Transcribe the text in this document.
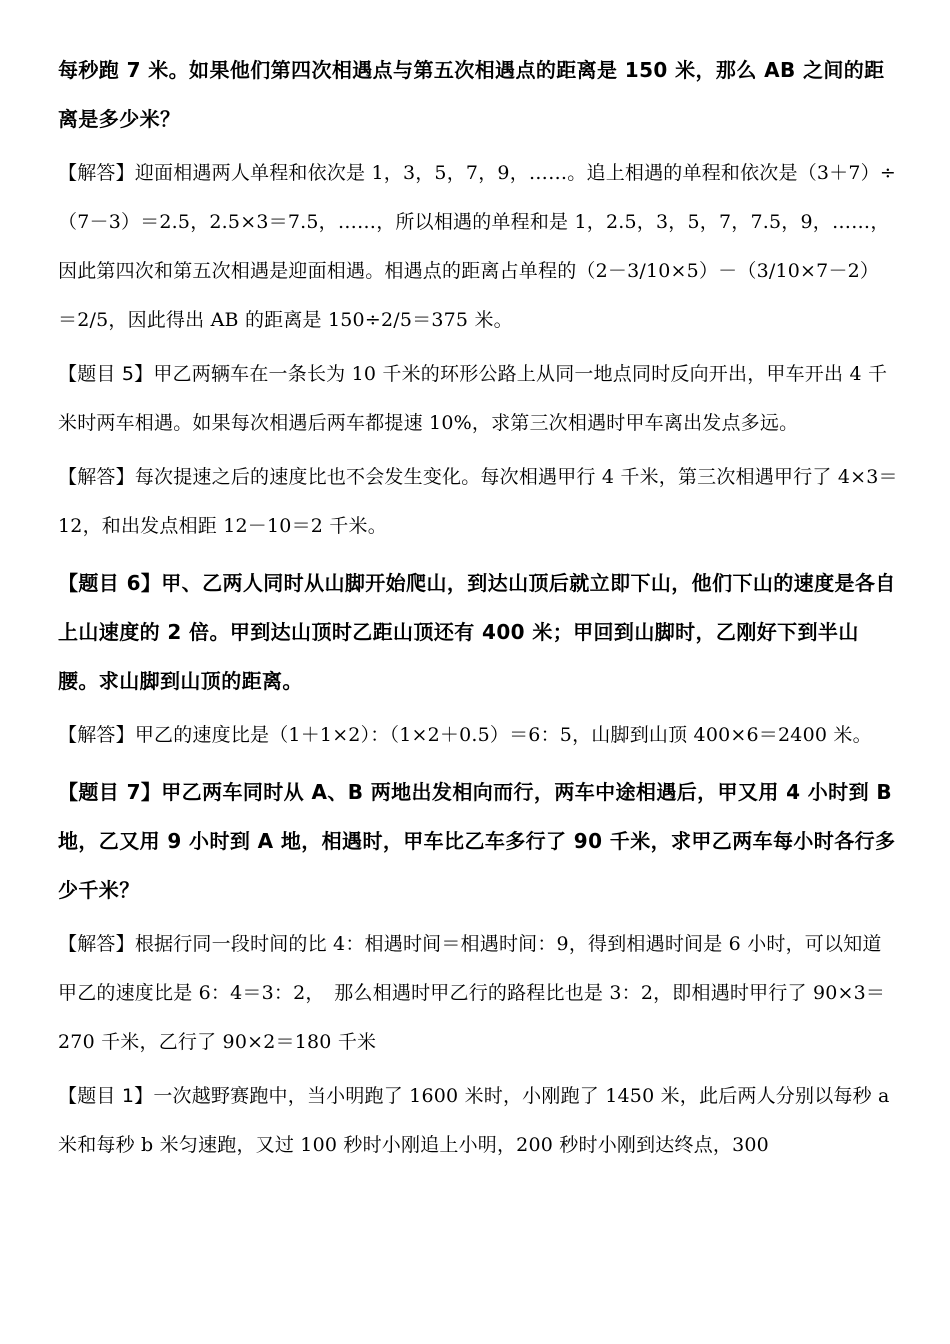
每秒跑 7 米。如果他们第四次相遇点与第五次相遇点的距离是 150 米，那么 AB 之间的距离是多少米？

【解答】迎面相遇两人单程和依次是 1，3，5，7，9，……。追上相遇的单程和依次是（3＋7）÷（7－3）＝2.5，2.5×3＝7.5，……，所以相遇的单程和是 1，2.5，3，5，7，7.5，9，……，因此第四次和第五次相遇是迎面相遇。相遇点的距离占单程的（2－3/10×5）－（3/10×7－2）＝2/5，因此得出 AB 的距离是 150÷2/5＝375 米。

【题目 5】甲乙两辆车在一条长为 10 千米的环形公路上从同一地点同时反向开出，甲车开出 4 千米时两车相遇。如果每次相遇后两车都提速 10%，求第三次相遇时甲车离出发点多远。

【解答】每次提速之后的速度比也不会发生变化。每次相遇甲行 4 千米，第三次相遇甲行了 4×3＝12，和出发点相距 12－10＝2 千米。

【题目 6】甲、乙两人同时从山脚开始爬山，到达山顶后就立即下山，他们下山的速度是各自上山速度的 2 倍。甲到达山顶时乙距山顶还有 400 米；甲回到山脚时，乙刚好下到半山腰。求山脚到山顶的距离。

【解答】甲乙的速度比是（1＋1×2）：（1×2＋0.5）＝6：5，山脚到山顶 400×6＝2400 米。

【题目 7】甲乙两车同时从 A、B 两地出发相向而行，两车中途相遇后，甲又用 4 小时到 B 地，乙又用 9 小时到 A 地，相遇时，甲车比乙车多行了 90 千米，求甲乙两车每小时各行多少千米？

【解答】根据行同一段时间的比 4：相遇时间＝相遇时间：9，得到相遇时间是 6 小时，可以知道甲乙的速度比是 6：4＝3：2，　那么相遇时甲乙行的路程比也是 3：2，即相遇时甲行了 90×3＝270 千米，乙行了 90×2＝180 千米

【题目 1】一次越野赛跑中，当小明跑了 1600 米时，小刚跑了 1450 米，此后两人分别以每秒 a 米和每秒 b 米匀速跑，又过 100 秒时小刚追上小明，200 秒时小刚到达终点，300
